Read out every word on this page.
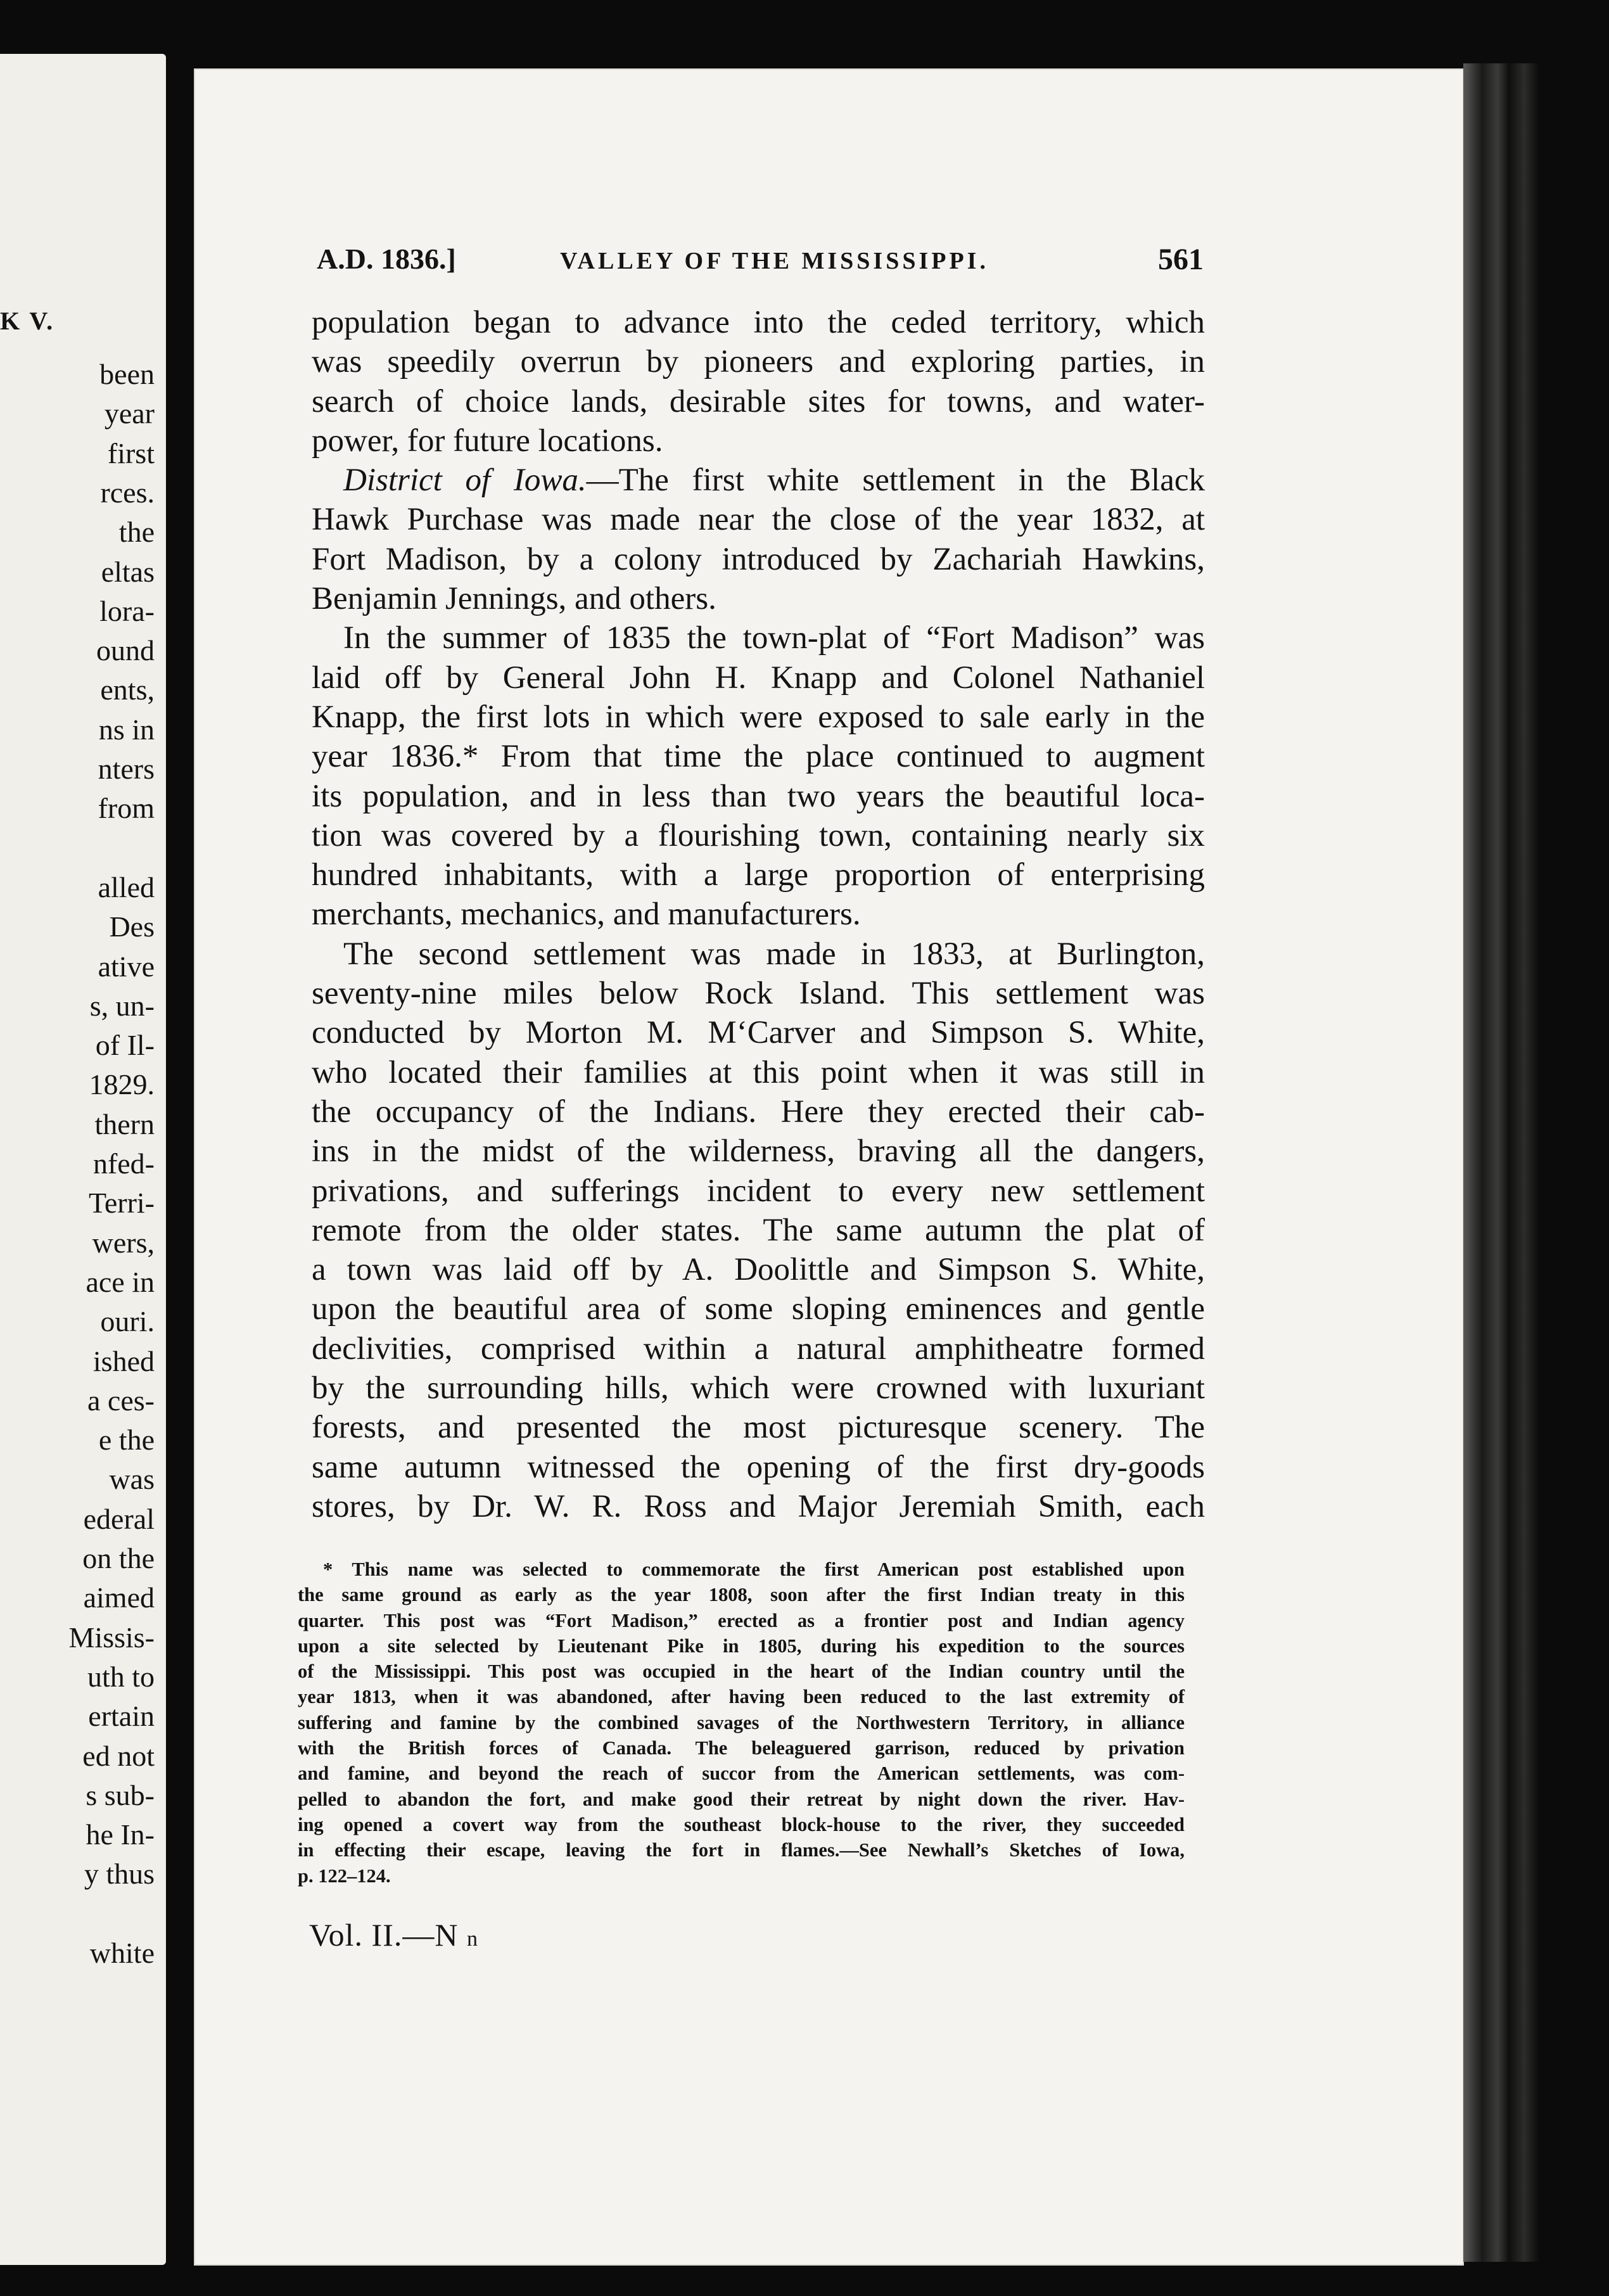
K V.
been
year
first
rces.
the
eltas
lora-
ound
ents,
ns in
nters
from
alled
Des
ative
s, un-
of Il-
1829.
thern
nfed-
Terri-
wers,
ace in
ouri.
ished
a ces-
e the
was
ederal
on the
aimed
Missis-
uth to
ertain
ed not
s sub-
he In-
y thus
white
A.D. 1836.]	VALLEY OF THE MISSISSIPPI.	561
population began to advance into the ceded territory, which
was speedily overrun by pioneers and exploring parties, in
search of choice lands, desirable sites for towns, and water-
power, for future locations.
District of Iowa.—The first white settlement in the Black
Hawk Purchase was made near the close of the year 1832, at
Fort Madison, by a colony introduced by Zachariah Hawkins,
Benjamin Jennings, and others.
In the summer of 1835 the town-plat of “Fort Madison” was
laid off by General John H. Knapp and Colonel Nathaniel
Knapp, the first lots in which were exposed to sale early in the
year 1836.* From that time the place continued to augment
its population, and in less than two years the beautiful loca-
tion was covered by a flourishing town, containing nearly six
hundred inhabitants, with a large proportion of enterprising
merchants, mechanics, and manufacturers.
The second settlement was made in 1833, at Burlington,
seventy-nine miles below Rock Island. This settlement was
conducted by Morton M. M‘Carver and Simpson S. White,
who located their families at this point when it was still in
the occupancy of the Indians. Here they erected their cab-
ins in the midst of the wilderness, braving all the dangers,
privations, and sufferings incident to every new settlement
remote from the older states. The same autumn the plat of
a town was laid off by A. Doolittle and Simpson S. White,
upon the beautiful area of some sloping eminences and gentle
declivities, comprised within a natural amphitheatre formed
by the surrounding hills, which were crowned with luxuriant
forests, and presented the most picturesque scenery. The
same autumn witnessed the opening of the first dry-goods
stores, by Dr. W. R. Ross and Major Jeremiah Smith, each
* This name was selected to commemorate the first American post established upon
the same ground as early as the year 1808, soon after the first Indian treaty in this
quarter. This post was “Fort Madison,” erected as a frontier post and Indian agency
upon a site selected by Lieutenant Pike in 1805, during his expedition to the sources
of the Mississippi. This post was occupied in the heart of the Indian country until the
year 1813, when it was abandoned, after having been reduced to the last extremity of
suffering and famine by the combined savages of the Northwestern Territory, in alliance
with the British forces of Canada. The beleaguered garrison, reduced by privation
and famine, and beyond the reach of succor from the American settlements, was com-
pelled to abandon the fort, and make good their retreat by night down the river. Hav-
ing opened a covert way from the southeast block-house to the river, they succeeded
in effecting their escape, leaving the fort in flames.—See Newhall’s Sketches of Iowa,
p. 122–124.
Vol. II.—N n
